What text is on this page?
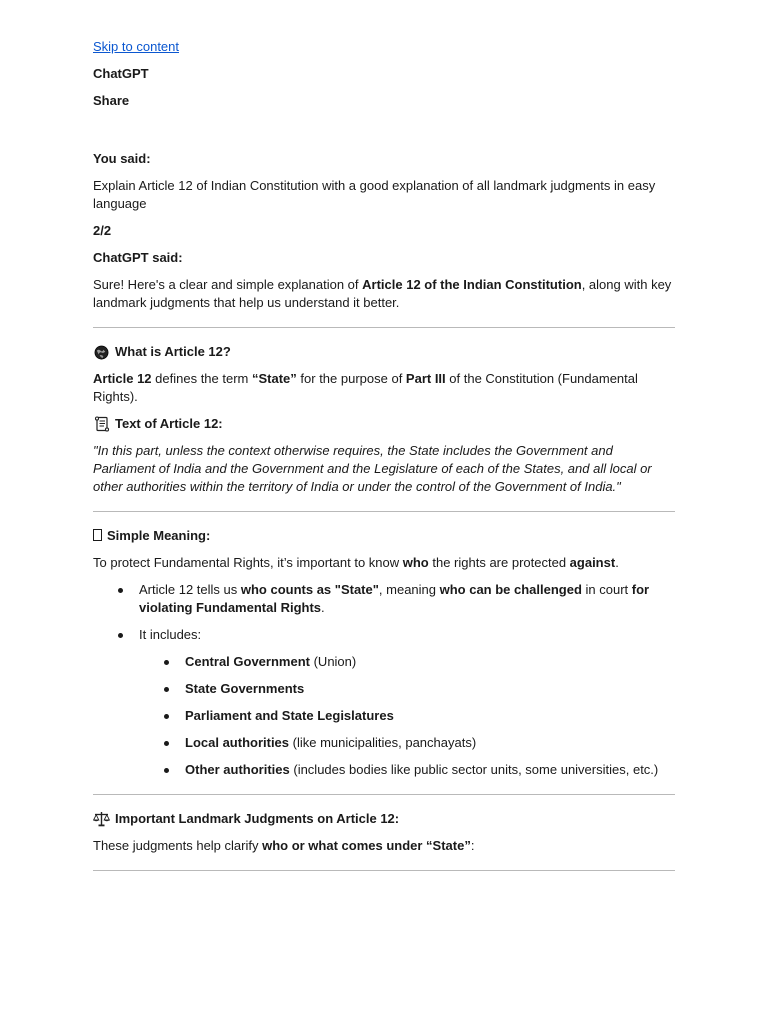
Skip to content

ChatGPT

Share

You said:

Explain Article 12 of Indian Constitution with a good explanation of all landmark judgments in easy language

2/2

ChatGPT said:

Sure! Here's a clear and simple explanation of Article 12 of the Indian Constitution, along with key landmark judgments that help us understand it better.

What is Article 12?

Article 12 defines the term “State” for the purpose of Part III of the Constitution (Fundamental Rights).

Text of Article 12:

"In this part, unless the context otherwise requires, the State includes the Government and Parliament of India and the Government and the Legislature of each of the States, and all local or other authorities within the territory of India or under the control of the Government of India."

Simple Meaning:

To protect Fundamental Rights, it’s important to know who the rights are protected against.

Article 12 tells us who counts as "State", meaning who can be challenged in court for violating Fundamental Rights.
It includes:
Central Government (Union)
State Governments
Parliament and State Legislatures
Local authorities (like municipalities, panchayats)
Other authorities (includes bodies like public sector units, some universities, etc.)
Important Landmark Judgments on Article 12:

These judgments help clarify who or what comes under “State”:
